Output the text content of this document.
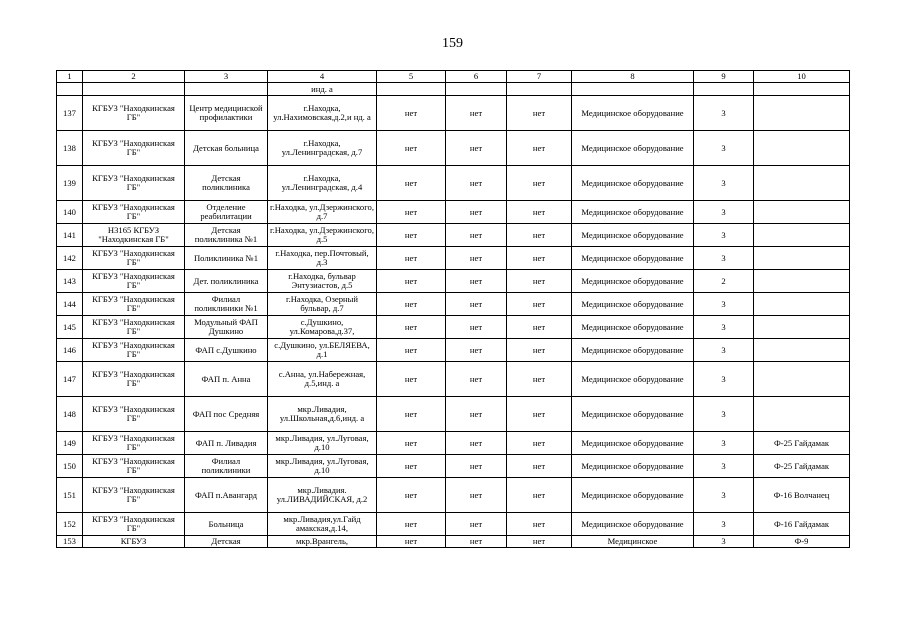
159
1	2	3	4	5	6	7	8	9	10

			инд. а						

137	КГБУЗ "Находкинская ГБ"	Центр медицинской профилактики	г.Находка, ул.Нахимовская,д.2,и нд. а	нет	нет	нет	Медицинское оборудование	3	

138	КГБУЗ "Находкинская ГБ"	Детская больница	г.Находка, ул.Ленинградская, д.7	нет	нет	нет	Медицинское оборудование	3	

139	КГБУЗ "Находкинская ГБ"	Детская поликлиника	г.Находка, ул.Ленинградская, д.4	нет	нет	нет	Медицинское оборудование	3	

140	КГБУЗ "Находкинская ГБ"	Отделение реабилитации	г.Находка, ул.Дзержинского, д.7	нет	нет	нет	Медицинское оборудование	3	

141	Н3165 КГБУЗ "Находкинская ГБ"	Детская поликлиника №1	г.Находка, ул.Дзержинского, д.5	нет	нет	нет	Медицинское оборудование	3	

142	КГБУЗ "Находкинская ГБ"	Поликлиника №1	г.Находка, пер.Почтовый, д.3	нет	нет	нет	Медицинское оборудование	3	

143	КГБУЗ "Находкинская ГБ"	Дет. поликлиника	г.Находка, бульвар Энтузиастов, д.5	нет	нет	нет	Медицинское оборудование	2	

144	КГБУЗ "Находкинская ГБ"	Филиал поликлиники №1	г.Находка, Озерный бульвар, д.7	нет	нет	нет	Медицинское оборудование	3	

145	КГБУЗ "Находкинская ГБ"	Модульный ФАП Душкино	с.Душкино, ул.Комарова,д.37,	нет	нет	нет	Медицинское оборудование	3	

146	КГБУЗ "Находкинская ГБ"	ФАП с.Душкино	с.Душкино, ул.БЕЛЯЕВА, д.1	нет	нет	нет	Медицинское оборудование	3	

147	КГБУЗ "Находкинская ГБ"	ФАП п. Анна	с.Анна, ул.Набережная, д.5,инд. а	нет	нет	нет	Медицинское оборудование	3	

148	КГБУЗ "Находкинская ГБ"	ФАП пос Средняя	мкр.Ливадия, ул.Школьная,д.6,инд. а	нет	нет	нет	Медицинское оборудование	3	

149	КГБУЗ "Находкинская ГБ"	ФАП п. Ливадия	мкр.Ливадия, ул.Луговая, д.10	нет	нет	нет	Медицинское оборудование	3	Ф-25 Гайдамак

150	КГБУЗ "Находкинская ГБ"	Филиал поликлиники	мкр.Ливадия, ул.Луговая, д.10	нет	нет	нет	Медицинское оборудование	3	Ф-25 Гайдамак

151	КГБУЗ "Находкинская ГБ"	ФАП п.Авангард	мкр.Ливадия. ул.ЛИВАДИЙСКАЯ, д.2	нет	нет	нет	Медицинское оборудование	3	Ф-16 Волчанец

152	КГБУЗ "Находкинская ГБ"	Больница	мкр.Ливадия,ул.Гайд амакская,д.14,	нет	нет	нет	Медицинское оборудование	3	Ф-16 Гайдамак

153	КГБУЗ	Детская	мкр.Врангель,	нет	нет	нет	Медицинское	3	Ф-9
